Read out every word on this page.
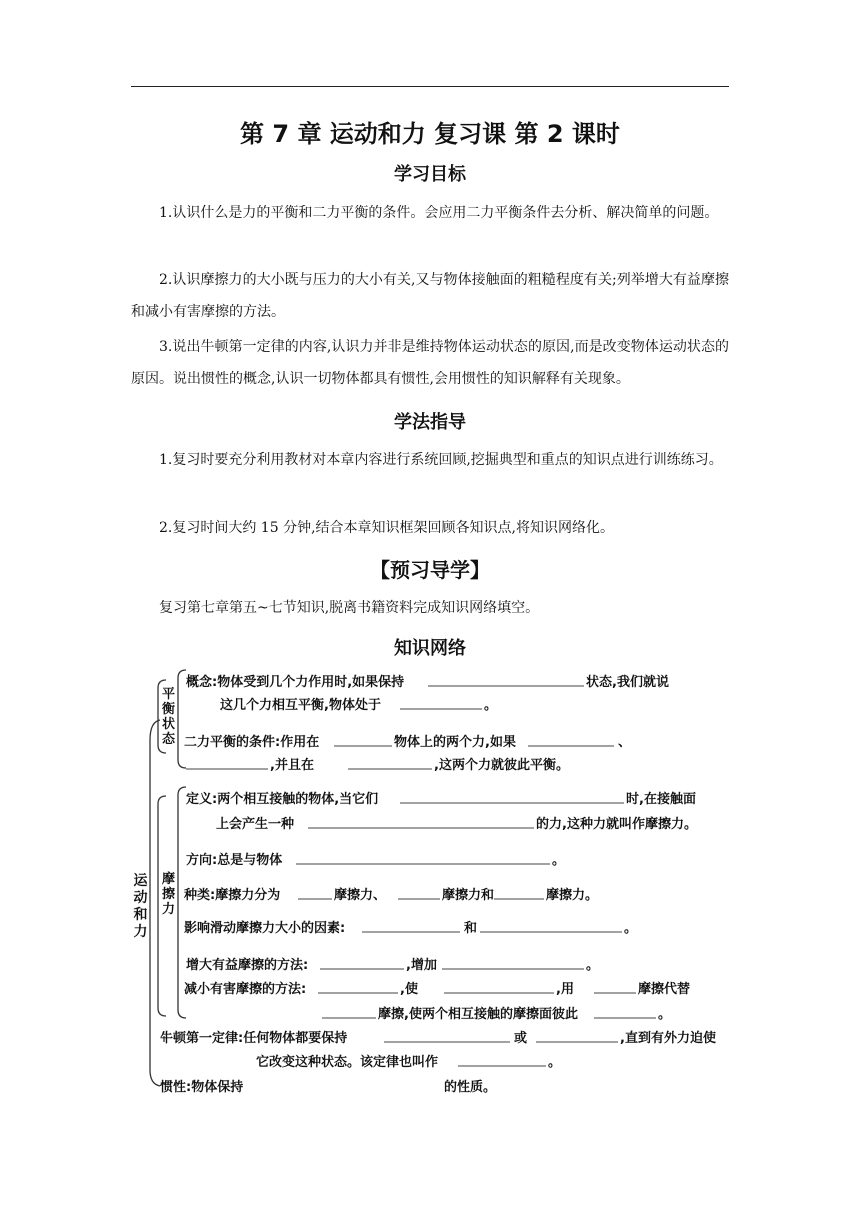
第 7 章 运动和力 复习课 第 2 课时
学习目标
1.认识什么是力的平衡和二力平衡的条件。会应用二力平衡条件去分析、解决简单的问题。
2.认识摩擦力的大小既与压力的大小有关,又与物体接触面的粗糙程度有关;列举增大有益摩擦和减小有害摩擦的方法。
3.说出牛顿第一定律的内容,认识力并非是维持物体运动状态的原因,而是改变物体运动状态的原因。说出惯性的概念,认识一切物体都具有惯性,会用惯性的知识解释有关现象。
学法指导
1.复习时要充分利用教材对本章内容进行系统回顾,挖掘典型和重点的知识点进行训练练习。
2.复习时间大约 15 分钟,结合本章知识框架回顾各知识点,将知识网络化。
【预习导学】
复习第七章第五~七节知识,脱离书籍资料完成知识网络填空。
知识网络
平衡状态
摩擦力
运动和力
概念:物体受到几个力作用时,如果保持	状态,我们就说
这几个力相互平衡,物体处于	。
二力平衡的条件:作用在	物体上的两个力,如果	、
,并且在	,这两个力就彼此平衡。
定义:两个相互接触的物体,当它们	时,在接触面
上会产生一种	的力,这种力就叫作摩擦力。
方向:总是与物体	。
种类:摩擦力分为	摩擦力、	摩擦力和	摩擦力。
影响滑动摩擦力大小的因素:	和	。
增大有益摩擦的方法:	,增加	。
减小有害摩擦的方法:	,使	,用	摩擦代替
摩擦,使两个相互接触的摩擦面彼此	。
牛顿第一定律:任何物体都要保持	或	,直到有外力迫使
它改变这种状态。该定律也叫作	。
惯性:物体保持	的性质。
